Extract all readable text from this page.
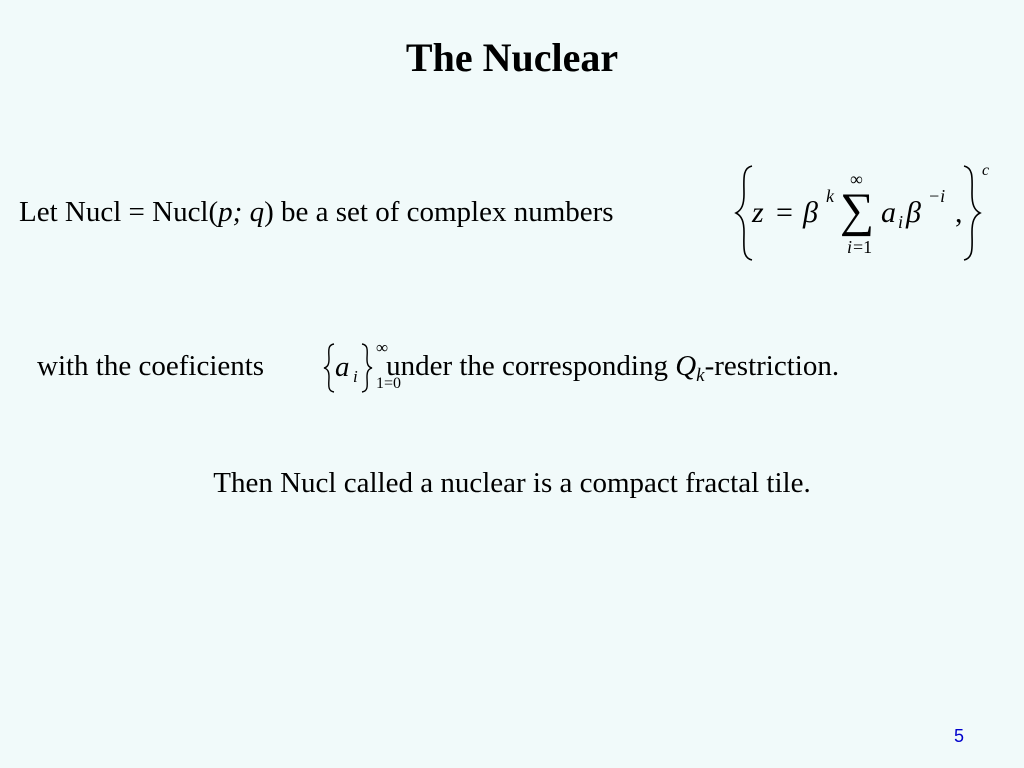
The Nuclear
Let Nucl = Nucl(p; q) be a set of complex numbers	z = β k
∞
∑
i =1
a i β −i ,
c
with the coeficients	under the corresponding $Q_k$-restriction.
a i
∞
1=0
Then Nucl called a nuclear is a compact fractal tile.
5
